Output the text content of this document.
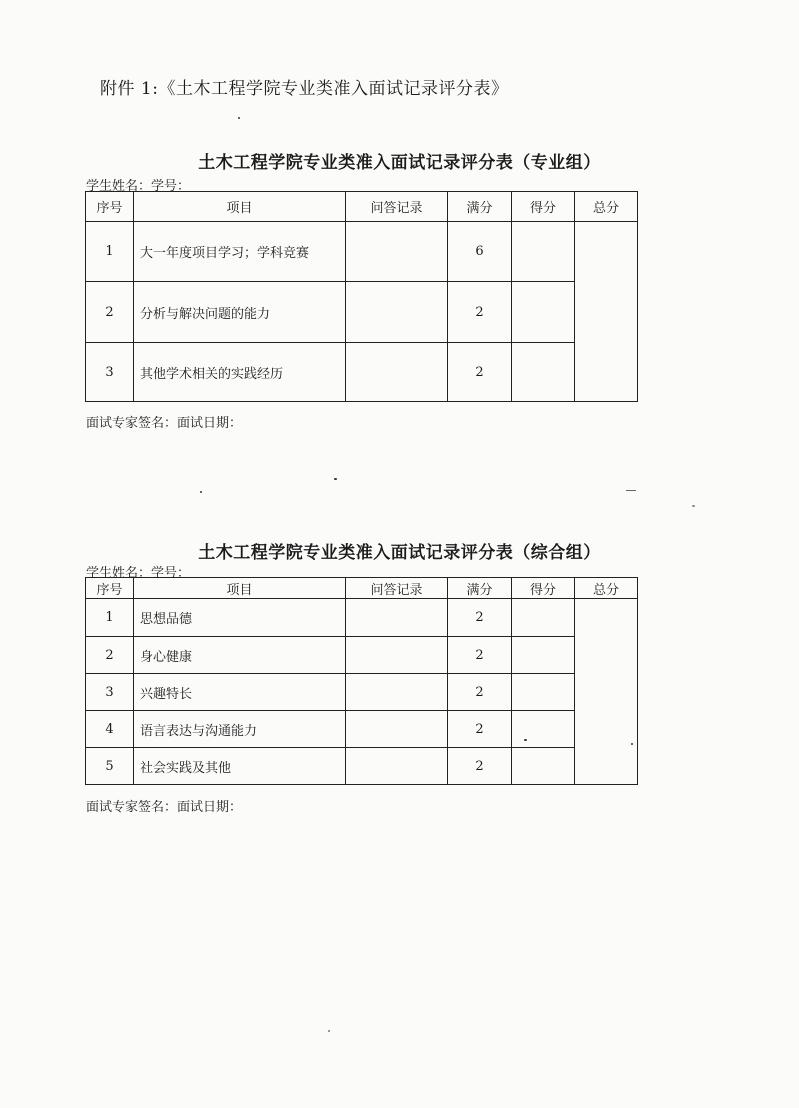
附件 1:《土木工程学院专业类准入面试记录评分表》
土木工程学院专业类准入面试记录评分表（专业组）
学生姓名：学号：
序号	项目	问答记录	满分	得分	总分
1	大一年度项目学习；学科竞赛		6		
2	分析与解决问题的能力		2		
3	其他学术相关的实践经历		2		
面试专家签名：面试日期：
土木工程学院专业类准入面试记录评分表（综合组）
学生姓名：学号：
序号	项目	问答记录	满分	得分	总分
1	思想品德		2		
2	身心健康		2		
3	兴趣特长		2		
4	语言表达与沟通能力		2		
5	社会实践及其他		2		
面试专家签名：面试日期：
